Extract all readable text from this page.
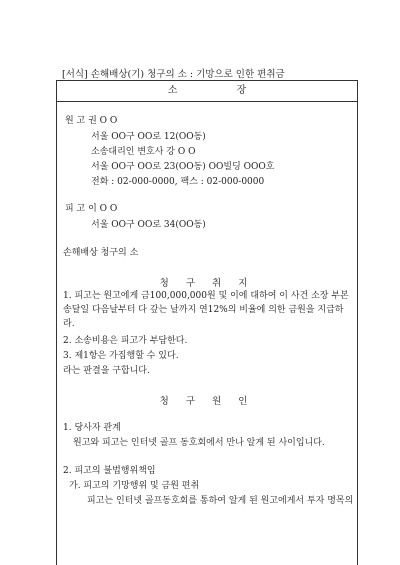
[서식] 손해배상(기) 청구의 소 : 기망으로 인한 편취금
소 장
원 고 권 O O
서울 OO구 OO로 12(OO동)
소송대리인 변호사 강 O O
서울 OO구 OO로 23(OO동) OO빌딩 OOO호
전화 : 02-000-0000, 팩스 : 02-000-0000
피 고 이 O O
서울 OO구 OO로 34(OO동)
손해배상 청구의 소
청 구 취 지
1. 피고는 원고에게 금100,000,000원 및 이에 대하여 이 사건 소장 부본 송달일 다음날부터 다 갚는 날까지 연12%의 비율에 의한 금원을 지급하라.
2. 소송비용은 피고가 부담한다.
3. 제1항은 가집행할 수 있다.
라는 판결을 구합니다.
청 구 원 인
1. 당사자 관계
원고와 피고는 인터넷 골프 동호회에서 만나 알게 된 사이입니다.
2. 피고의 불법행위책임
가. 피고의 기망행위 및 금원 편취
피고는 인터넷 골프동호회를 통하여 알게 된 원고에게서 투자 명목의
